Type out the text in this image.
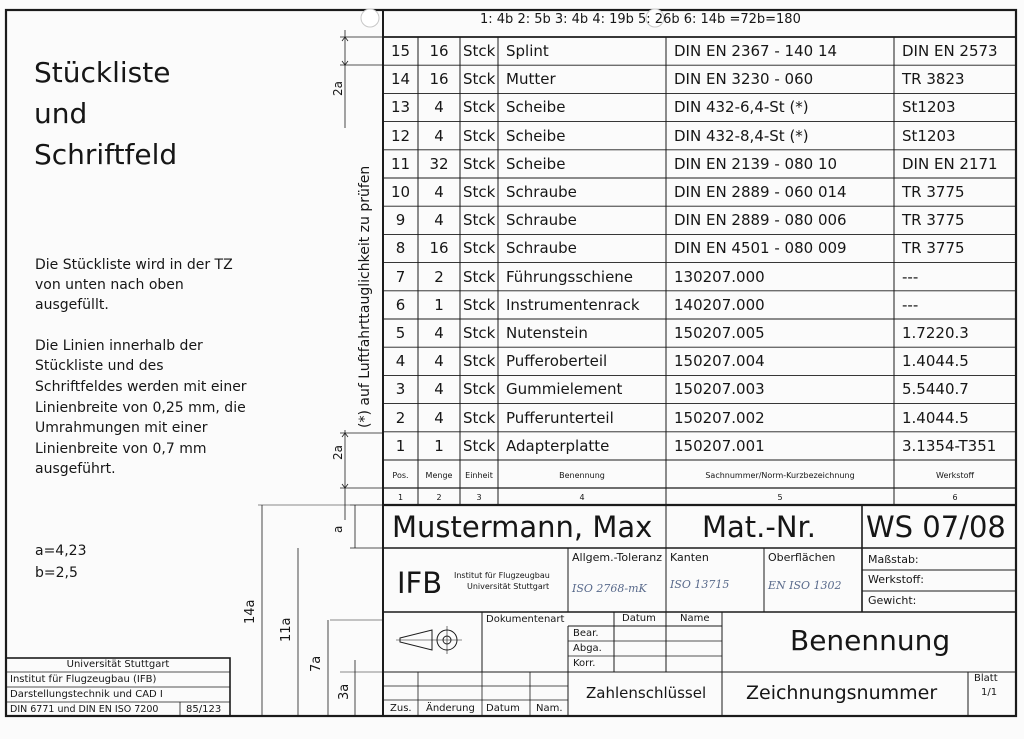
1: 4b 2: 5b 3: 4b 4: 19b 5: 26b 6: 14b =72b=180
Stückliste
und
Schriftfeld
Die Stückliste wird in der TZ
von unten nach oben
ausgefüllt.
Die Linien innerhalb der
Stückliste und des
Schriftfeldes werden mit einer
Linienbreite von 0,25 mm, die
Umrahmungen mit einer
Linienbreite von 0,7 mm
ausgeführt.
a=4,23
b=2,5
(*) auf Luftfahrttauglichkeit zu prüfen
2a
2a
a
14a
11a
7a
3a
15	16 Stck Splint	DIN EN 2367 - 140 14	DIN EN 2573
14	16 Stck Mutter	DIN EN 3230 - 060	TR 3823
13	4	Stck Scheibe	DIN 432-6,4-St (*)	St1203
12	4	Stck Scheibe	DIN 432-8,4-St (*)	St1203
11	32 Stck Scheibe	DIN EN 2139 - 080 10	DIN EN 2171
10	4	Stck Schraube	DIN EN 2889 - 060 014	TR 3775
9	4	Stck Schraube	DIN EN 2889 - 080 006	TR 3775
8	16 Stck Schraube	DIN EN 4501 - 080 009	TR 3775
7	2	Stck Führungsschiene	130207.000	---
6	1	Stck Instrumentenrack	140207.000	---
5	4	Stck Nutenstein	150207.005	1.7220.3
4	4	Stck Pufferoberteil	150207.004	1.4044.5
3	4	Stck Gummielement	150207.003	5.5440.7
2	4	Stck Pufferunterteil	150207.002	1.4044.5
1	1	Stck Adapterplatte	150207.001	3.1354-T351
Pos.	Menge	Einheit	Benennung	Sachnummer/Norm-Kurzbezeichnung	Werkstoff
1	2	3	4	5	6
Mustermann, Max Mat.-Nr. WS 07/08
IFB Institut für Flugzeugbau
Universität Stuttgart
Allgem.-Toleranz
ISO 2768-mK
Kanten
ISO 13715
Oberflächen
EN ISO 1302
Maßstab:
Werkstoff:
Gewicht:
Dokumentenart	Datum Name
Bear.
Abga.
Korr.
Benennung
Zahlenschlüssel Zeichnungsnummer
Blatt
1/1
Zus. Änderung Datum Nam.
Universität Stuttgart
Institut für Flugzeugbau (IFB)
Darstellungstechnik und CAD I
DIN 6771 und DIN EN ISO 7200	85/123
